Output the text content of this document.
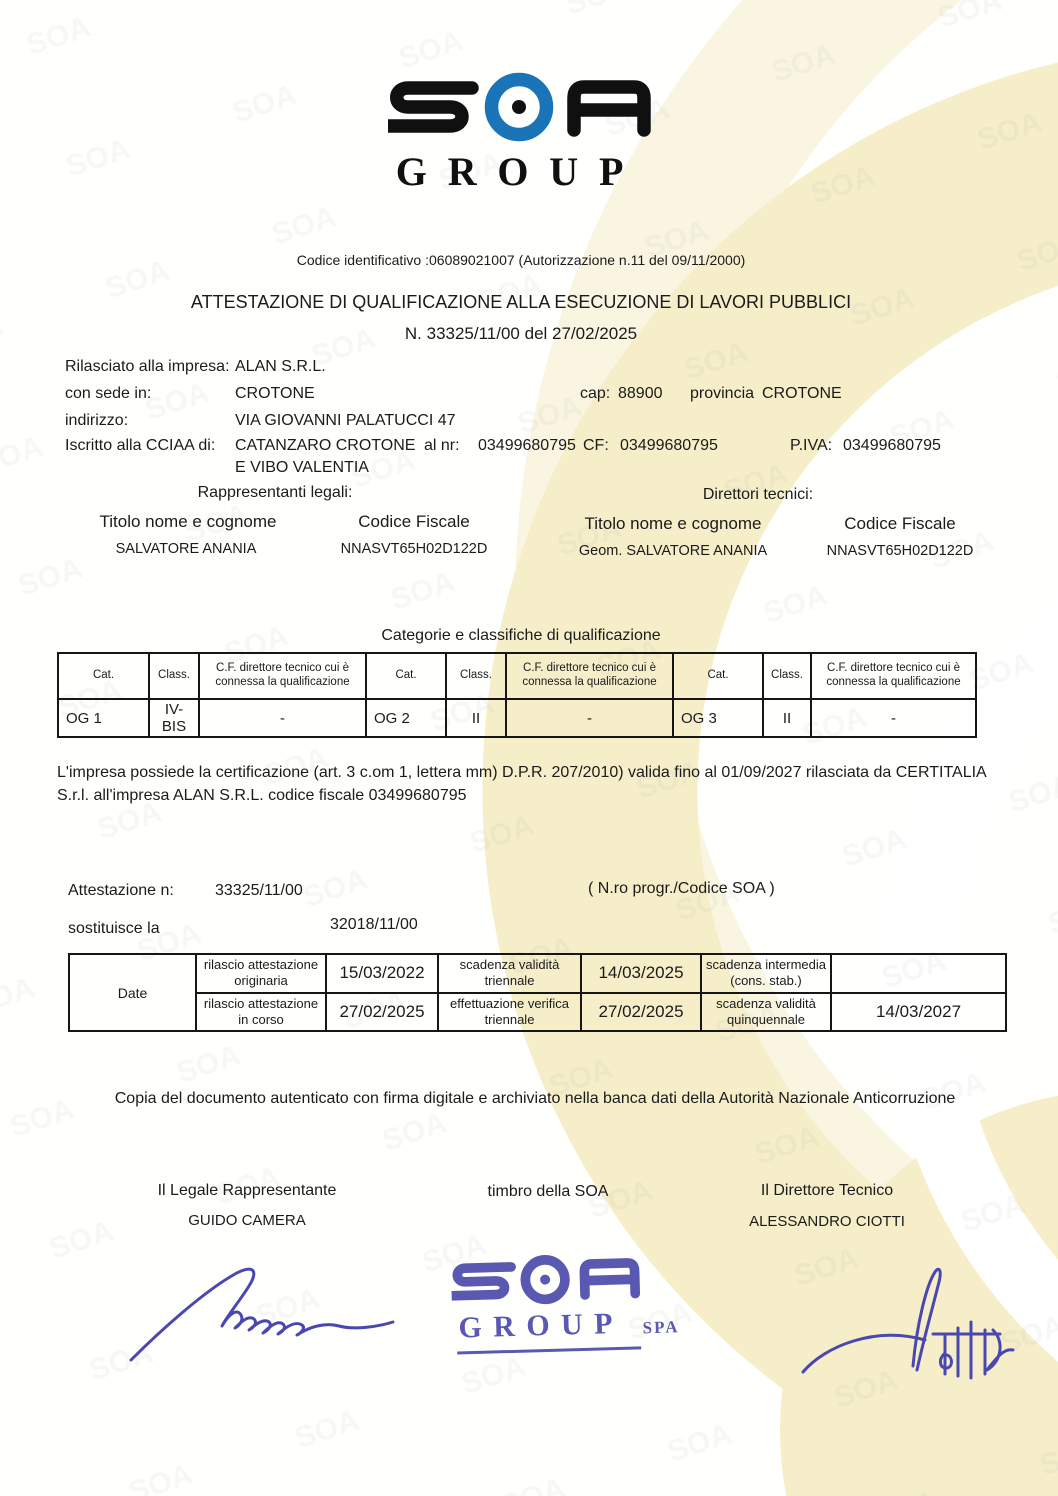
GROUP
Codice identificativo :06089021007 (Autorizzazione n.11 del 09/11/2000)
ATTESTAZIONE DI QUALIFICAZIONE ALLA ESECUZIONE DI LAVORI PUBBLICI
N. 33325/11/00 del 27/02/2025
Rilasciato alla impresa: ALAN S.R.L.
con sede in:	CROTONE	cap: 88900 provincia CROTONE
indirizzo:	VIA GIOVANNI PALATUCCI 47
Iscritto alla CCIAA di: CATANZARO CROTONE
E VIBO VALENTIA
al nr: 03499680795 CF: 03499680795	P.IVA: 03499680795
Rappresentanti legali:	Direttori tecnici:
Titolo nome e cognome	Codice Fiscale	Titolo nome e cognome	Codice Fiscale
SALVATORE ANANIA	NNASVT65H02D122D	Geom. SALVATORE ANANIA	NNASVT65H02D122D
Categorie e classifiche di qualificazione
Cat.	Class.	C.F. direttore tecnico cui è connessa la qualificazione	Cat.	Class.	C.F. direttore tecnico cui è connessa la qualificazione	Cat.	Class.	C.F. direttore tecnico cui è connessa la qualificazione
OG 1	IV-BIS	-	OG 2	II	-	OG 3	II	-
L'impresa possiede la certificazione (art. 3 c.om 1, lettera mm) D.P.R. 207/2010) valida fino al 01/09/2027 rilasciata da CERTITALIA S.r.l. all'impresa ALAN S.R.L. codice fiscale 03499680795
Attestazione n:	33325/11/00	( N.ro progr./Codice SOA )
sostituisce la	32018/11/00
Date	rilascio attestazione originaria	15/03/2022	scadenza validità triennale	14/03/2025	scadenza intermedia (cons. stab.)	
	rilascio attestazione in corso	27/02/2025	effettuazione verifica triennale	27/02/2025	scadenza validità quinquennale	14/03/2027
Copia del documento autenticato con firma digitale e archiviato nella banca dati della Autorità Nazionale Anticorruzione
Il Legale Rappresentante
GUIDO CAMERA
timbro della SOA	Il Direttore Tecnico
ALESSANDRO CIOTTI
GROUP SPA
